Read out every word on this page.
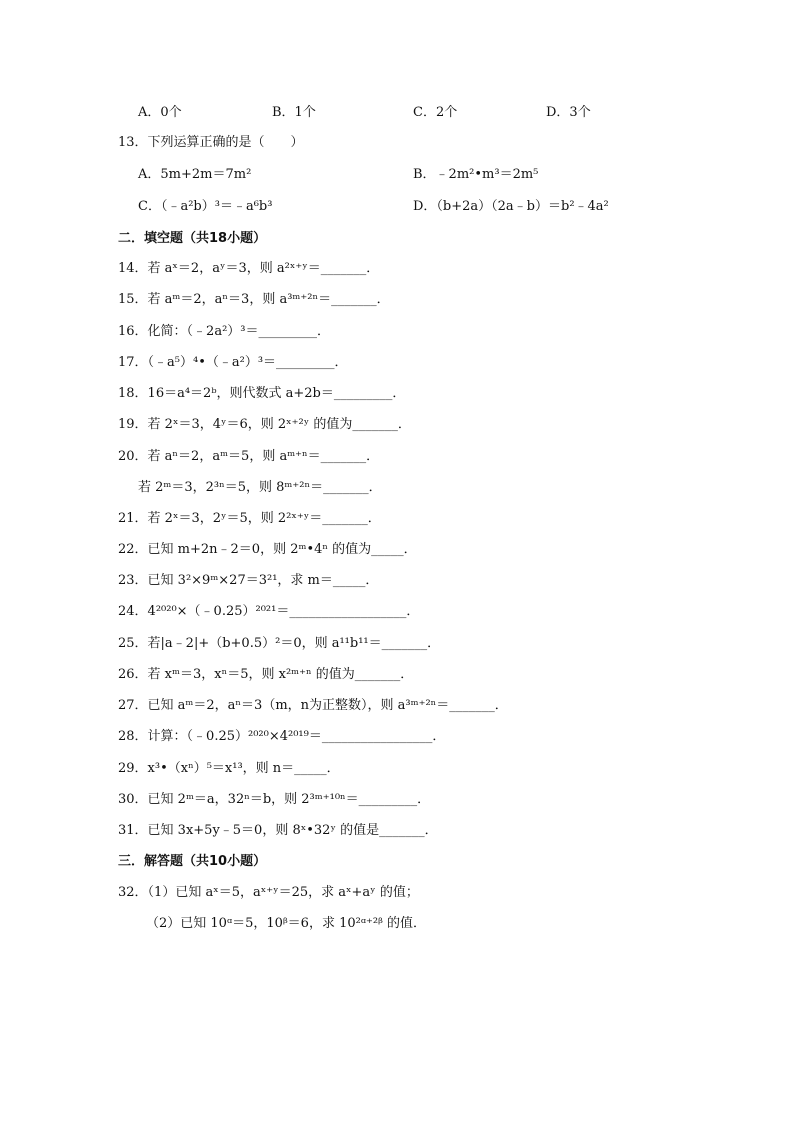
A．0个	B．1个	C．2个	D．3个
13．下列运算正确的是（　　）
A．5m+2m＝7m²	B．﹣2m²•m³＝2m⁵
C．（﹣a²b）³＝﹣a⁶b³	D．（b+2a）（2a﹣b）＝b²﹣4a²
二．填空题（共18小题）
14．若 aˣ＝2，aʸ＝3，则 a²ˣ⁺ʸ＝_______．
15．若 aᵐ＝2，aⁿ＝3，则 a³ᵐ⁺²ⁿ＝_______．
16．化简：（﹣2a²）³＝_________．
17．（﹣a⁵）⁴•（﹣a²）³＝_________．
18．16＝a⁴＝2ᵇ，则代数式 a+2b＝_________．
19．若 2ˣ＝3，4ʸ＝6，则 2ˣ⁺²ʸ 的值为_______．
20．若 aⁿ＝2，aᵐ＝5，则 aᵐ⁺ⁿ＝_______．
若 2ᵐ＝3，2³ⁿ＝5，则 8ᵐ⁺²ⁿ＝_______．
21．若 2ˣ＝3，2ʸ＝5，则 2²ˣ⁺ʸ＝_______．
22．已知 m+2n﹣2＝0，则 2ᵐ•4ⁿ 的值为_____．
23．已知 3²×9ᵐ×27＝3²¹，求 m＝_____．
24．4²⁰²⁰×（﹣0.25）²⁰²¹＝__________________．
25．若|a﹣2|+（b+0.5）²＝0，则 a¹¹b¹¹＝_______．
26．若 xᵐ＝3，xⁿ＝5，则 x²ᵐ⁺ⁿ 的值为_______．
27．已知 aᵐ＝2，aⁿ＝3（m，n为正整数），则 a³ᵐ⁺²ⁿ＝_______．
28．计算：（﹣0.25）²⁰²⁰×4²⁰¹⁹＝_________________．
29．x³•（xⁿ）⁵＝x¹³，则 n＝_____．
30．已知 2ᵐ＝a，32ⁿ＝b，则 2³ᵐ⁺¹⁰ⁿ＝_________．
31．已知 3x+5y﹣5＝0，则 8ˣ•32ʸ 的值是_______．
三．解答题（共10小题）
32．（1）已知 aˣ＝5，aˣ⁺ʸ＝25，求 aˣ+aʸ 的值；
（2）已知 10ᵅ＝5，10ᵝ＝6，求 10²ᵅ⁺²ᵝ 的值．
